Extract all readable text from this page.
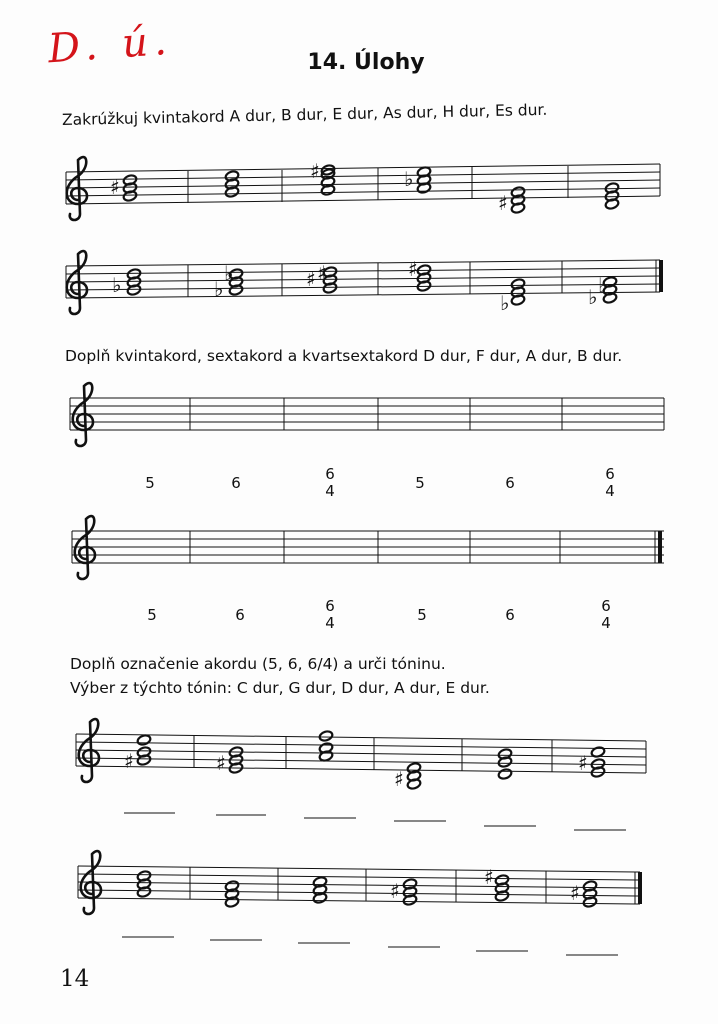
D. ú.	14. Úlohy
Zakrúžkuj kvintakord A dur, B dur, E dur, As dur, H dur, Es dur.
Doplň kvintakord, sextakord a kvartsextakord D dur, F dur, A dur, B dur.
Doplň označenie akordu (5, 6, 6/4) a urči tóninu.
Výber z týchto tónin: C dur, G dur, D dur, A dur, E dur.
♯
♯	♭
♯
♭	♭
♭	♯ ♯	♯
♭	♭ ♭
♯	♯
♯
♯
♯
♯
♯
5	6	6
4	5	6	6
4
5	6	6
4	5	6	6
4
14
